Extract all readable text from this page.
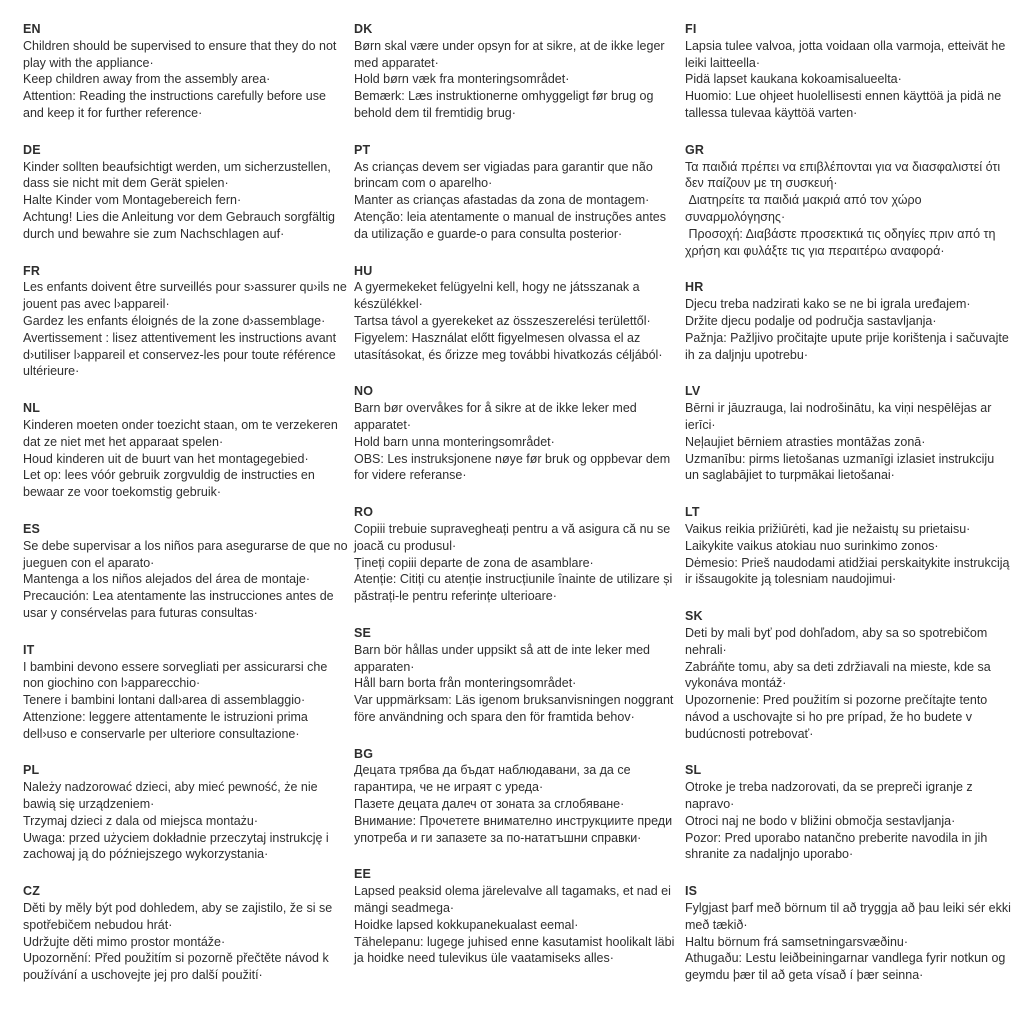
EN

Children should be supervised to ensure that they do not play with the appliance·

Keep children away from the assembly area·

Attention: Reading the instructions carefully before use and keep it for further reference·

DE

Kinder sollten beaufsichtigt werden, um sicherzustellen, dass sie nicht mit dem Gerät spielen·

Halte Kinder vom Montagebereich fern·

Achtung! Lies die Anleitung vor dem Gebrauch sorgfältig durch und bewahre sie zum Nachschlagen auf·

FR

Les enfants doivent être surveillés pour s›assurer qu›ils ne jouent pas avec l›appareil·

Gardez les enfants éloignés de la zone d›assemblage·

Avertissement : lisez attentivement les instructions avant d›utiliser l›appareil et conservez-les pour toute référence ultérieure·

NL

Kinderen moeten onder toezicht staan, om te verzekeren dat ze niet met het apparaat spelen·

Houd kinderen uit de buurt van het montagegebied·

Let op: lees vóór gebruik zorgvuldig de instructies en bewaar ze voor toekomstig gebruik·

ES

Se debe supervisar a los niños para asegurarse de que no jueguen con el aparato·

Mantenga a los niños alejados del área de montaje·

Precaución: Lea atentamente las instrucciones antes de usar y consérvelas para futuras consultas·

IT

I bambini devono essere sorvegliati per assicurarsi che non giochino con l›apparecchio·

Tenere i bambini lontani dall›area di assemblaggio·

Attenzione: leggere attentamente le istruzioni prima dell›uso e conservarle per ulteriore consultazione·

PL

Należy nadzorować dzieci, aby mieć pewność, że nie bawią się urządzeniem·

Trzymaj dzieci z dala od miejsca montażu·

Uwaga: przed użyciem dokładnie przeczytaj instrukcję i zachowaj ją do późniejszego wykorzystania·

CZ

Děti by měly být pod dohledem, aby se zajistilo, že si se spotřebičem nebudou hrát·

Udržujte děti mimo prostor montáže·

Upozornění: Před použitím si pozorně přečtěte návod k používání a uschovejte jej pro další použití·

DK

Børn skal være under opsyn for at sikre, at de ikke leger med apparatet·

Hold børn væk fra monteringsområdet·

Bemærk: Læs instruktionerne omhyggeligt før brug og behold dem til fremtidig brug·

PT

As crianças devem ser vigiadas para garantir que não brincam com o aparelho·

Manter as crianças afastadas da zona de montagem·

Atenção: leia atentamente o manual de instruções antes da utilização e guarde-o para consulta posterior·

HU

A gyermekeket felügyelni kell, hogy ne játsszanak a készülékkel·

Tartsa távol a gyerekeket az összeszerelési területtől·

Figyelem: Használat előtt figyelmesen olvassa el az utasításokat, és őrizze meg további hivatkozás céljából·

NO

Barn bør overvåkes for å sikre at de ikke leker med apparatet·

Hold barn unna monteringsområdet·

OBS: Les instruksjonene nøye før bruk og oppbevar dem for videre referanse·

RO

Copiii trebuie supravegheați pentru a vă asigura că nu se joacă cu produsul·

Țineți copiii departe de zona de asamblare·

Atenție: Citiți cu atenție instrucțiunile înainte de utilizare și păstrați-le pentru referințe ulterioare·

SE

Barn bör hållas under uppsikt så att de inte leker med apparaten·

Håll barn borta från monteringsområdet·

Var uppmärksam: Läs igenom bruksanvisningen noggrant före användning och spara den för framtida behov·

BG

Децата трябва да бъдат наблюдавани, за да се гарантира, че не играят с уреда·

Пазете децата далеч от зоната за сглобяване·

Внимание: Прочетете внимателно инструкциите преди употреба и ги запазете за по-нататъшни справки·

EE

Lapsed peaksid olema järelevalve all tagamaks, et nad ei mängi seadmega·

Hoidke lapsed kokkupanekualast eemal·

Tähelepanu: lugege juhised enne kasutamist hoolikalt läbi ja hoidke need tulevikus üle vaatamiseks alles·

FI

Lapsia tulee valvoa, jotta voidaan olla varmoja, etteivät he leiki laitteella·

Pidä lapset kaukana kokoamisalueelta·

Huomio: Lue ohjeet huolellisesti ennen käyttöä ja pidä ne tallessa tulevaa käyttöä varten·

GR

Τα παιδιά πρέπει να επιβλέπονται για να διασφαλιστεί ότι δεν παίζουν με τη συσκευή·

Διατηρείτε τα παιδιά μακριά από τον χώρο συναρμολόγησης·

Προσοχή: Διαβάστε προσεκτικά τις οδηγίες πριν από τη χρήση και φυλάξτε τις για περαιτέρω αναφορά·

HR

Djecu treba nadzirati kako se ne bi igrala uređajem·

Držite djecu podalje od područja sastavljanja·

Pažnja: Pažljivo pročitajte upute prije korištenja i sačuvajte ih za daljnju upotrebu·

LV

Bērni ir jāuzrauga, lai nodrošinātu, ka viņi nespēlējas ar ierīci·

Neļaujiet bērniem atrasties montāžas zonā·

Uzmanību: pirms lietošanas uzmanīgi izlasiet instrukciju un saglabājiet to turpmākai lietošanai·

LT

Vaikus reikia prižiūrėti, kad jie nežaistų su prietaisu·

Laikykite vaikus atokiau nuo surinkimo zonos·

Dėmesio: Prieš naudodami atidžiai perskaitykite instrukciją ir išsaugokite ją tolesniam naudojimui·

SK

Deti by mali byť pod dohľadom, aby sa so spotrebičom nehrali·

Zabráňte tomu, aby sa deti zdržiavali na mieste, kde sa vykonáva montáž·

Upozornenie: Pred použitím si pozorne prečítajte tento návod a uschovajte si ho pre prípad, že ho budete v budúcnosti potrebovať·

SL

Otroke je treba nadzorovati, da se prepreči igranje z napravo·

Otroci naj ne bodo v bližini območja sestavljanja·

Pozor: Pred uporabo natančno preberite navodila in jih shranite za nadaljnjo uporabo·

IS

Fylgjast þarf með börnum til að tryggja að þau leiki sér ekki með tækið·

Haltu börnum frá samsetningarsvæðinu·

Athugaðu: Lestu leiðbeiningarnar vandlega fyrir notkun og geymdu þær til að geta vísað í þær seinna·
